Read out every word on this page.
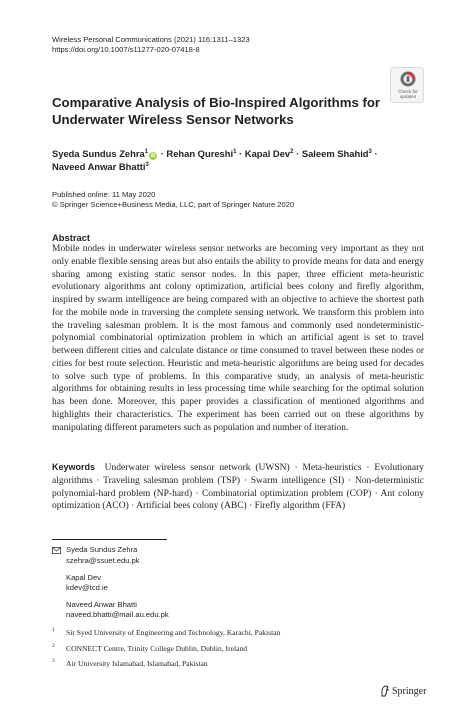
Wireless Personal Communications (2021) 116:1311–1323
https://doi.org/10.1007/s11277-020-07418-8
Check for
updates
Comparative Analysis of Bio-Inspired Algorithms for Underwater Wireless Sensor Networks
Syeda Sundus Zehra$^1$iD · Rehan Qureshi$^1$ · Kapal Dev$^2$ · Saleem Shahid$^3$ ·
Naveed Anwar Bhatti$^3$
Published online: 11 May 2020
© Springer Science+Business Media, LLC, part of Springer Nature 2020
Abstract
Mobile nodes in underwater wireless sensor networks are becoming very important as they not only enable flexible sensing areas but also entails the ability to provide means for data and energy sharing among existing static sensor nodes. In this paper, three efficient meta-heuristic evolutionary algorithms ant colony optimization, artificial bees colony and firefly algorithm, inspired by swarm intelligence are being compared with an objective to achieve the shortest path for the mobile node in traversing the complete sensing network. We transform this problem into the traveling salesman problem. It is the most famous and commonly used nondeterministic-polynomial combinatorial optimization problem in which an artificial agent is set to travel between different cities and calculate distance or time consumed to travel between these nodes or cities for best route selection. Heuristic and meta-heuristic algorithms are being used for decades to solve such type of problems. In this comparative study, an analysis of meta-heuristic algorithms for obtaining results in less processing time while searching for the optimal solution has been done. Moreover, this paper provides a classification of mentioned algorithms and highlights their characteristics. The experiment has been carried out on these algorithms by manipulating different parameters such as population and number of iteration.
Keywords Underwater wireless sensor network (UWSN) · Meta-heuristics · Evolutionary algorithms · Traveling salesman problem (TSP) · Swarm intelligence (SI) · Non-deterministic polynomial-hard problem (NP-hard) · Combinatorial optimization problem (COP) · Ant colony optimization (ACO) · Artificial bees colony (ABC) · Firefly algorithm (FFA)
Syeda Sundus Zehra
szehra@ssuet.edu.pk
Kapal Dev
kdev@tcd.ie
Naveed Anwar Bhatti
naveed.bhatti@mail.au.edu.pk
1 Sir Syed University of Engineering and Technology, Karachi, Pakistan
2 CONNECT Centre, Trinity College Dublin, Dublin, Ireland
3 Air University Islamabad, Islamabad, Pakistan
Springer
